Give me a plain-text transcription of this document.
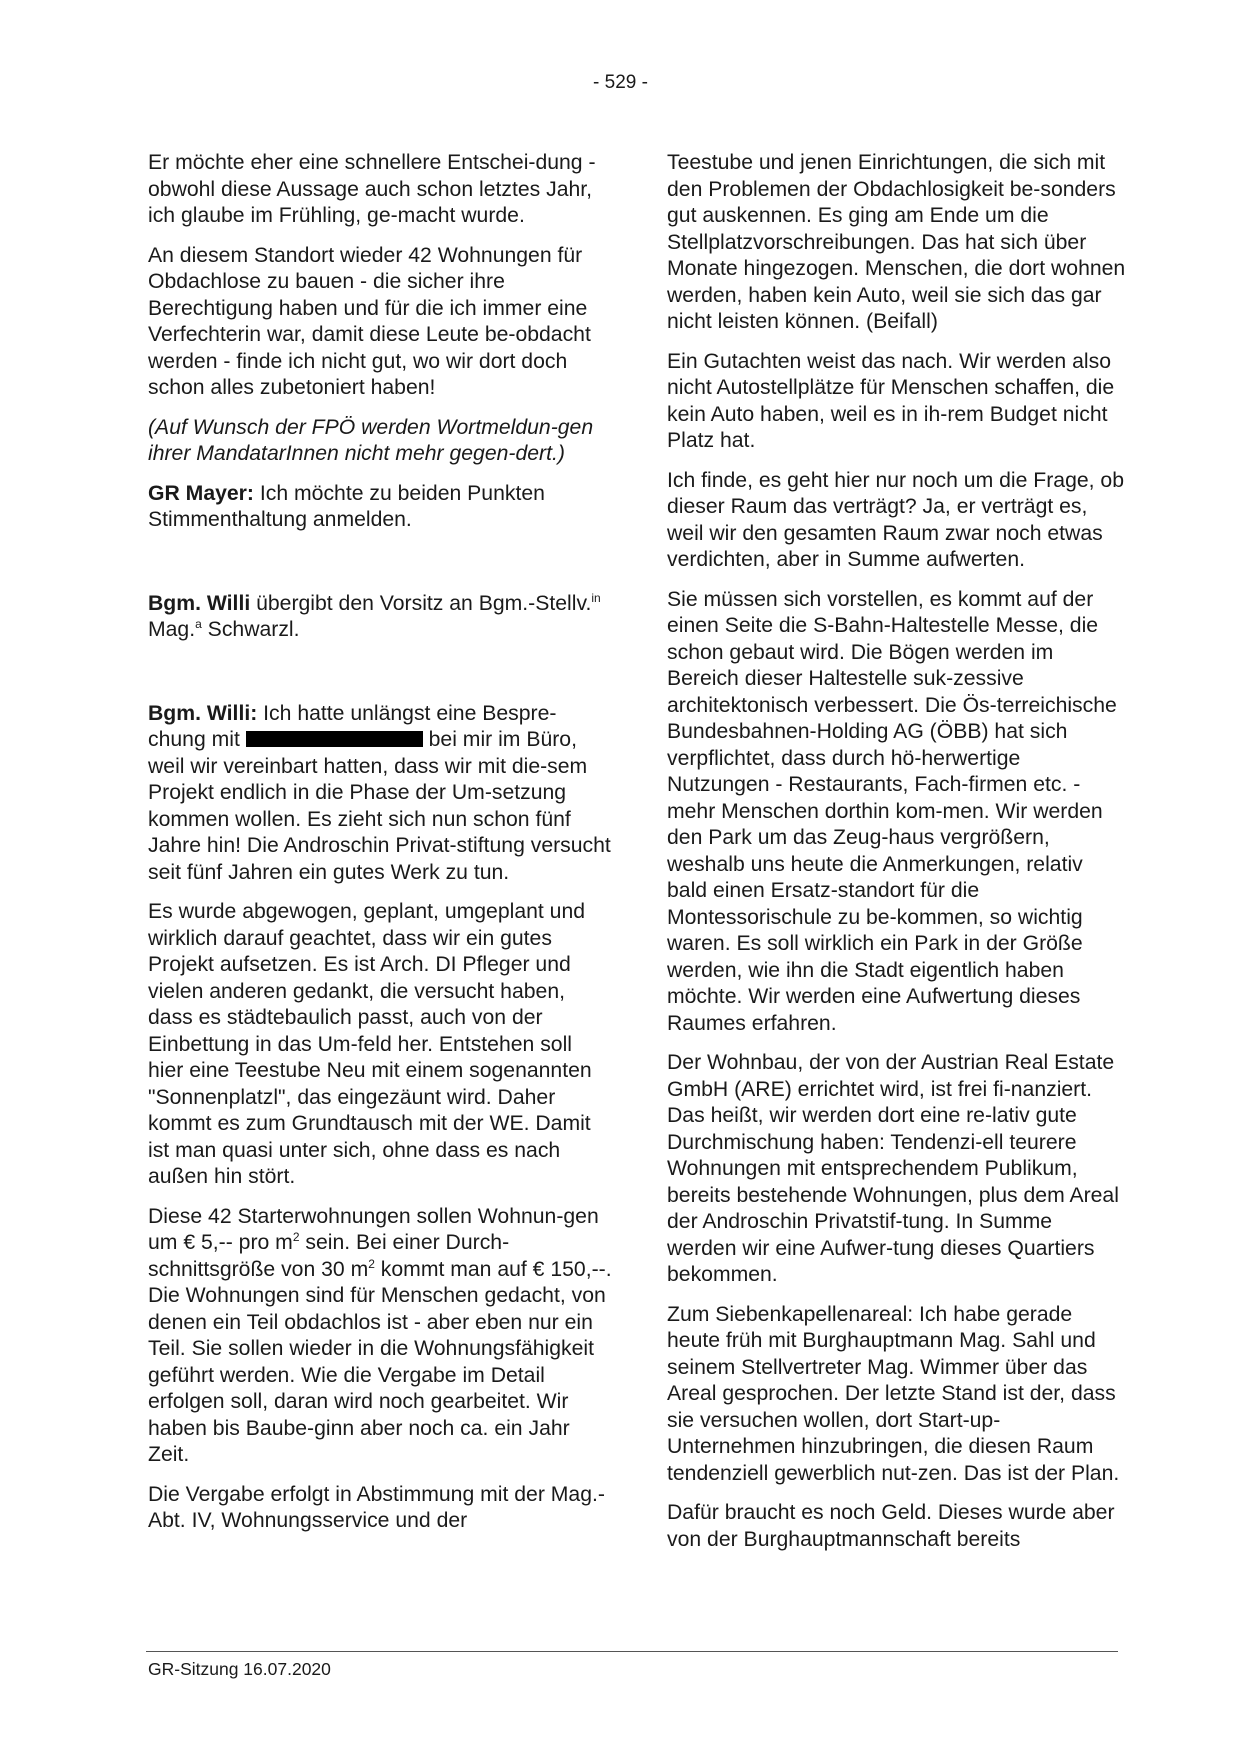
- 529 -

Er möchte eher eine schnellere Entschei-dung - obwohl diese Aussage auch schon letztes Jahr, ich glaube im Frühling, ge-macht wurde.

An diesem Standort wieder 42 Wohnungen für Obdachlose zu bauen - die sicher ihre Berechtigung haben und für die ich immer eine Verfechterin war, damit diese Leute be-obdacht werden - finde ich nicht gut, wo wir dort doch schon alles zubetoniert haben!

(Auf Wunsch der FPÖ werden Wortmeldun-gen ihrer MandatarInnen nicht mehr gegen-dert.)

GR Mayer: Ich möchte zu beiden Punkten Stimmenthaltung anmelden.

Bgm. Willi übergibt den Vorsitz an Bgm.-Stellv.$^{in}$ Mag.$^a$ Schwarzl.

Bgm. Willi: Ich hatte unlängst eine Bespre-chung mit	bei mir im Büro, weil wir vereinbart hatten, dass wir mit die-sem Projekt endlich in die Phase der Um-setzung kommen wollen. Es zieht sich nun schon fünf Jahre hin! Die Androschin Privat-stiftung versucht seit fünf Jahren ein gutes Werk zu tun.

Es wurde abgewogen, geplant, umgeplant und wirklich darauf geachtet, dass wir ein gutes Projekt aufsetzen. Es ist Arch. DI Pfleger und vielen anderen gedankt, die versucht haben, dass es städtebaulich passt, auch von der Einbettung in das Um-feld her. Entstehen soll hier eine Teestube Neu mit einem sogenannten "Sonnenplatzl", das eingezäunt wird. Daher kommt es zum Grundtausch mit der WE. Damit ist man quasi unter sich, ohne dass es nach außen hin stört.

Diese 42 Starterwohnungen sollen Wohnun-gen um € 5,-- pro $m^2$ sein. Bei einer Durch-schnittsgröße von 30 $m^2$ kommt man auf € 150,--. Die Wohnungen sind für Menschen gedacht, von denen ein Teil obdachlos ist - aber eben nur ein Teil. Sie sollen wieder in die Wohnungsfähigkeit geführt werden. Wie die Vergabe im Detail erfolgen soll, daran wird noch gearbeitet. Wir haben bis Baube-ginn aber noch ca. ein Jahr Zeit.

Die Vergabe erfolgt in Abstimmung mit der Mag.-Abt. IV, Wohnungsservice und der

Teestube und jenen Einrichtungen, die sich mit den Problemen der Obdachlosigkeit be-sonders gut auskennen. Es ging am Ende um die Stellplatzvorschreibungen. Das hat sich über Monate hingezogen. Menschen, die dort wohnen werden, haben kein Auto, weil sie sich das gar nicht leisten können. (Beifall)

Ein Gutachten weist das nach. Wir werden also nicht Autostellplätze für Menschen schaffen, die kein Auto haben, weil es in ih-rem Budget nicht Platz hat.

Ich finde, es geht hier nur noch um die Frage, ob dieser Raum das verträgt? Ja, er verträgt es, weil wir den gesamten Raum zwar noch etwas verdichten, aber in Summe aufwerten.

Sie müssen sich vorstellen, es kommt auf der einen Seite die S-Bahn-Haltestelle Messe, die schon gebaut wird. Die Bögen werden im Bereich dieser Haltestelle suk-zessive architektonisch verbessert. Die Ös-terreichische Bundesbahnen-Holding AG (ÖBB) hat sich verpflichtet, dass durch hö-herwertige Nutzungen - Restaurants, Fach-firmen etc. - mehr Menschen dorthin kom-men. Wir werden den Park um das Zeug-haus vergrößern, weshalb uns heute die Anmerkungen, relativ bald einen Ersatz-standort für die Montessorischule zu be-kommen, so wichtig waren. Es soll wirklich ein Park in der Größe werden, wie ihn die Stadt eigentlich haben möchte. Wir werden eine Aufwertung dieses Raumes erfahren.

Der Wohnbau, der von der Austrian Real Estate GmbH (ARE) errichtet wird, ist frei fi-nanziert. Das heißt, wir werden dort eine re-lativ gute Durchmischung haben: Tendenzi-ell teurere Wohnungen mit entsprechendem Publikum, bereits bestehende Wohnungen, plus dem Areal der Androschin Privatstif-tung. In Summe werden wir eine Aufwer-tung dieses Quartiers bekommen.

Zum Siebenkapellenareal: Ich habe gerade heute früh mit Burghauptmann Mag. Sahl und seinem Stellvertreter Mag. Wimmer über das Areal gesprochen. Der letzte Stand ist der, dass sie versuchen wollen, dort Start-up-Unternehmen hinzubringen, die diesen Raum tendenziell gewerblich nut-zen. Das ist der Plan.

Dafür braucht es noch Geld. Dieses wurde aber von der Burghauptmannschaft bereits

GR-Sitzung 16.07.2020
